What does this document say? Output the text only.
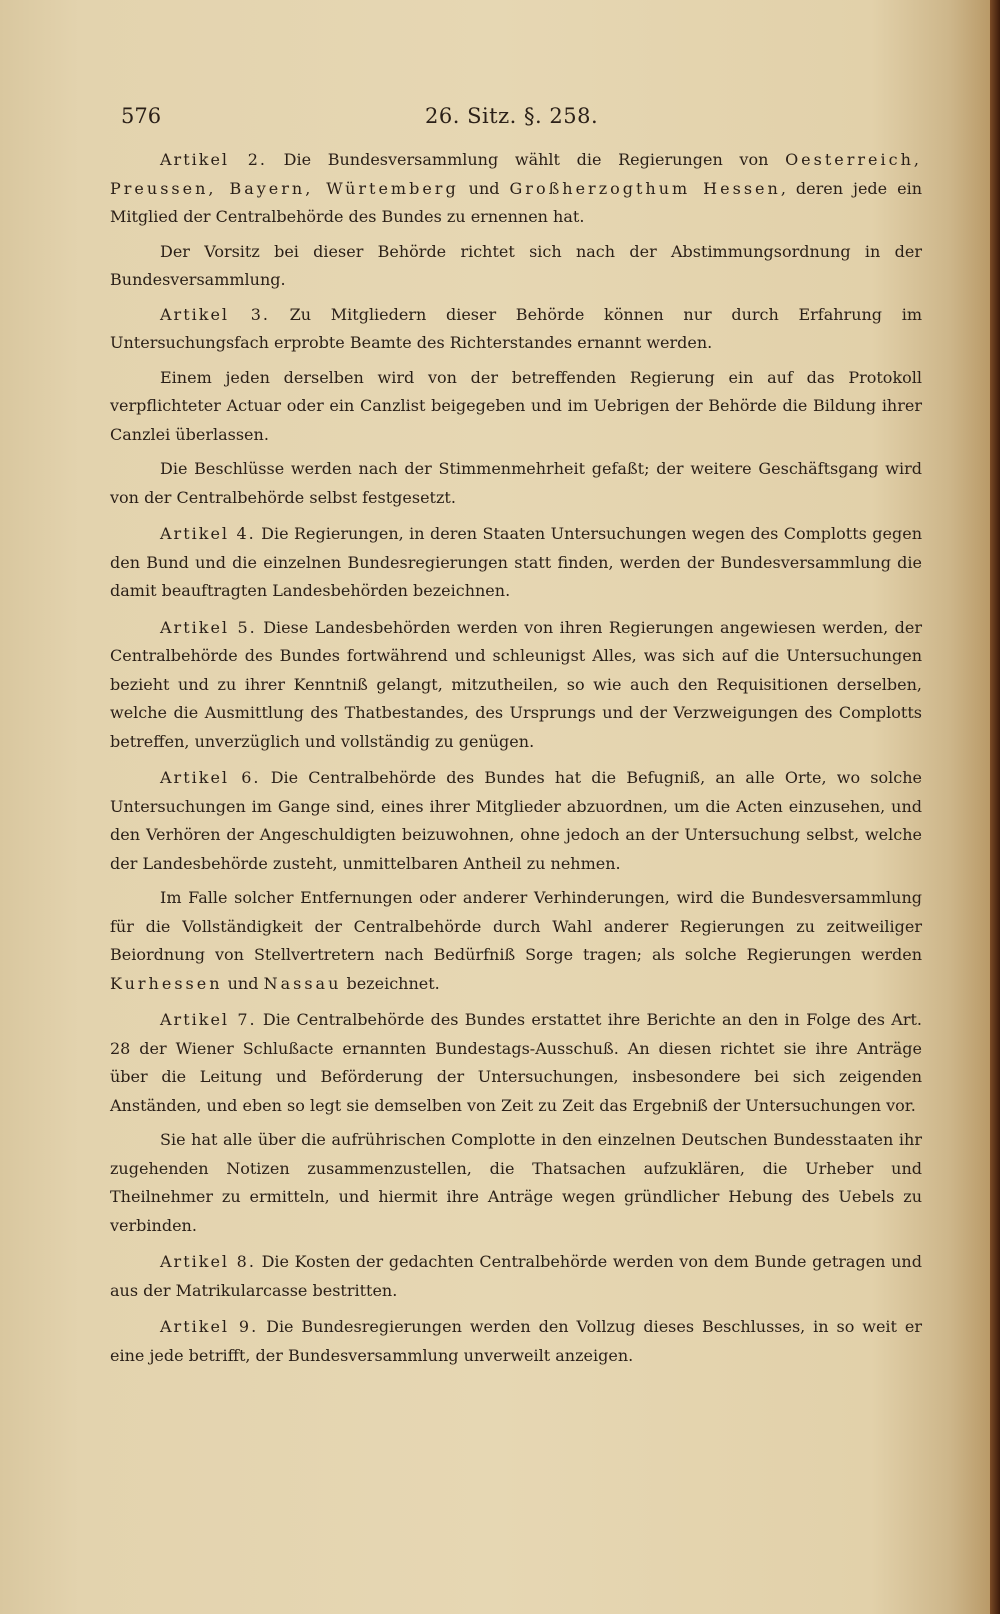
576	26. Sitz. §. 258.

Artikel 2. Die Bundesversammlung wählt die Regierungen von Oesterreich, Preussen, Bayern, Würtemberg und Großherzogthum Hessen, deren jede ein Mitglied der Centralbehörde des Bundes zu ernennen hat.

Der Vorsitz bei dieser Behörde richtet sich nach der Abstimmungsordnung in der Bundesversammlung.

Artikel 3. Zu Mitgliedern dieser Behörde können nur durch Erfahrung im Untersuchungsfach erprobte Beamte des Richterstandes ernannt werden.

Einem jeden derselben wird von der betreffenden Regierung ein auf das Protokoll verpflichteter Actuar oder ein Canzlist beigegeben und im Uebrigen der Behörde die Bildung ihrer Canzlei überlassen.

Die Beschlüsse werden nach der Stimmenmehrheit gefaßt; der weitere Geschäftsgang wird von der Centralbehörde selbst festgesetzt.

Artikel 4. Die Regierungen, in deren Staaten Untersuchungen wegen des Complotts gegen den Bund und die einzelnen Bundesregierungen statt finden, werden der Bundesversammlung die damit beauftragten Landesbehörden bezeichnen.

Artikel 5. Diese Landesbehörden werden von ihren Regierungen angewiesen werden, der Centralbehörde des Bundes fortwährend und schleunigst Alles, was sich auf die Untersuchungen bezieht und zu ihrer Kenntniß gelangt, mitzutheilen, so wie auch den Requisitionen derselben, welche die Ausmittlung des Thatbestandes, des Ursprungs und der Verzweigungen des Complotts betreffen, unverzüglich und vollständig zu genügen.

Artikel 6. Die Centralbehörde des Bundes hat die Befugniß, an alle Orte, wo solche Untersuchungen im Gange sind, eines ihrer Mitglieder abzuordnen, um die Acten einzusehen, und den Verhören der Angeschuldigten beizuwohnen, ohne jedoch an der Untersuchung selbst, welche der Landesbehörde zusteht, unmittelbaren Antheil zu nehmen.

Im Falle solcher Entfernungen oder anderer Verhinderungen, wird die Bundesversammlung für die Vollständigkeit der Centralbehörde durch Wahl anderer Regierungen zu zeitweiliger Beiordnung von Stellvertretern nach Bedürfniß Sorge tragen; als solche Regierungen werden Kurhessen und Nassau bezeichnet.

Artikel 7. Die Centralbehörde des Bundes erstattet ihre Berichte an den in Folge des Art. 28 der Wiener Schlußacte ernannten Bundestags-Ausschuß. An diesen richtet sie ihre Anträge über die Leitung und Beförderung der Untersuchungen, insbesondere bei sich zeigenden Anständen, und eben so legt sie demselben von Zeit zu Zeit das Ergebniß der Untersuchungen vor.

Sie hat alle über die aufrührischen Complotte in den einzelnen Deutschen Bundesstaaten ihr zugehenden Notizen zusammenzustellen, die Thatsachen aufzuklären, die Urheber und Theilnehmer zu ermitteln, und hiermit ihre Anträge wegen gründlicher Hebung des Uebels zu verbinden.

Artikel 8. Die Kosten der gedachten Centralbehörde werden von dem Bunde getragen und aus der Matrikularcasse bestritten.

Artikel 9. Die Bundesregierungen werden den Vollzug dieses Beschlusses, in so weit er eine jede betrifft, der Bundesversammlung unverweilt anzeigen.
